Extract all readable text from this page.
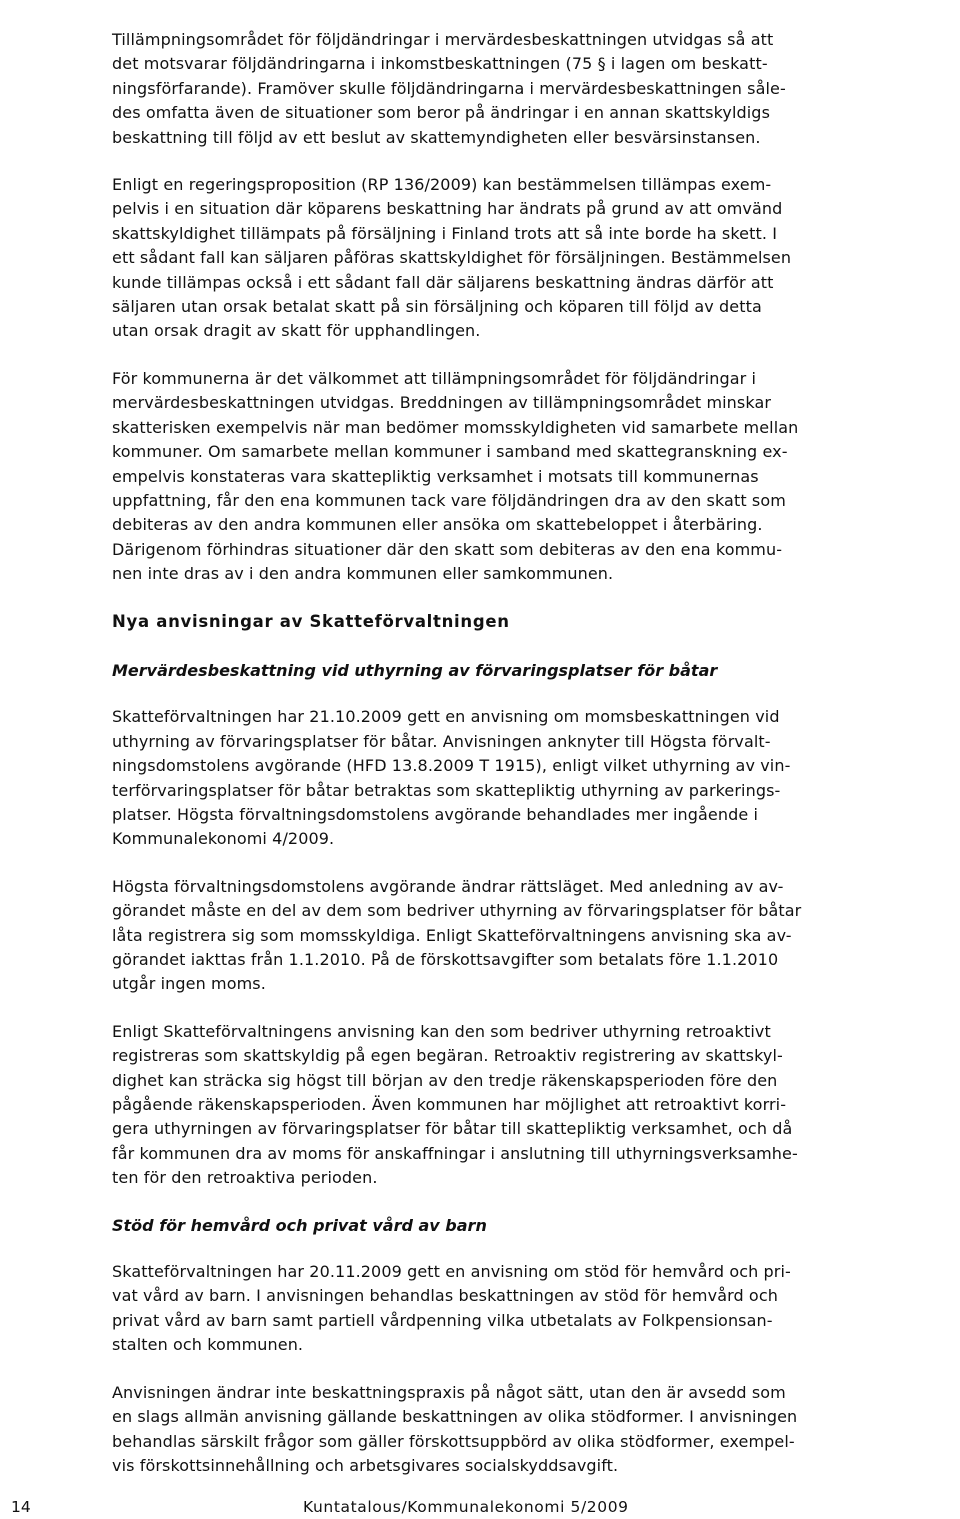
Tillämpningsområdet för följdändringar i mervärdesbeskattningen utvidgas så att
det motsvarar följdändringarna i inkomstbeskattningen (75 § i lagen om beskatt-
ningsförfarande). Framöver skulle följdändringarna i mervärdesbeskattningen såle-
des omfatta även de situationer som beror på ändringar i en annan skattskyldigs
beskattning till följd av ett beslut av skattemyndigheten eller besvärsinstansen.

Enligt en regeringsproposition (RP 136/2009) kan bestämmelsen tillämpas exem-
pelvis i en situation där köparens beskattning har ändrats på grund av att omvänd
skattskyldighet tillämpats på försäljning i Finland trots att så inte borde ha skett. I
ett sådant fall kan säljaren påföras skattskyldighet för försäljningen. Bestämmelsen
kunde tillämpas också i ett sådant fall där säljarens beskattning ändras därför att
säljaren utan orsak betalat skatt på sin försäljning och köparen till följd av detta
utan orsak dragit av skatt för upphandlingen.

För kommunerna är det välkommet att tillämpningsområdet för följdändringar i
mervärdesbeskattningen utvidgas. Breddningen av tillämpningsområdet minskar
skatterisken exempelvis när man bedömer momsskyldigheten vid samarbete mellan
kommuner. Om samarbete mellan kommuner i samband med skattegranskning ex-
empelvis konstateras vara skattepliktig verksamhet i motsats till kommunernas
uppfattning, får den ena kommunen tack vare följdändringen dra av den skatt som
debiteras av den andra kommunen eller ansöka om skattebeloppet i återbäring.
Därigenom förhindras situationer där den skatt som debiteras av den ena kommu-
nen inte dras av i den andra kommunen eller samkommunen.

Nya anvisningar av Skatteförvaltningen
Mervärdesbeskattning vid uthyrning av förvaringsplatser för båtar

Skatteförvaltningen har 21.10.2009 gett en anvisning om momsbeskattningen vid
uthyrning av förvaringsplatser för båtar. Anvisningen anknyter till Högsta förvalt-
ningsdomstolens avgörande (HFD 13.8.2009 T 1915), enligt vilket uthyrning av vin-
terförvaringsplatser för båtar betraktas som skattepliktig uthyrning av parkerings-
platser. Högsta förvaltningsdomstolens avgörande behandlades mer ingående i
Kommunalekonomi 4/2009.

Högsta förvaltningsdomstolens avgörande ändrar rättsläget. Med anledning av av-
görandet måste en del av dem som bedriver uthyrning av förvaringsplatser för båtar
låta registrera sig som momsskyldiga. Enligt Skatteförvaltningens anvisning ska av-
görandet iakttas från 1.1.2010. På de förskottsavgifter som betalats före 1.1.2010
utgår ingen moms.

Enligt Skatteförvaltningens anvisning kan den som bedriver uthyrning retroaktivt
registreras som skattskyldig på egen begäran. Retroaktiv registrering av skattskyl-
dighet kan sträcka sig högst till början av den tredje räkenskapsperioden före den
pågående räkenskapsperioden. Även kommunen har möjlighet att retroaktivt korri-
gera uthyrningen av förvaringsplatser för båtar till skattepliktig verksamhet, och då
får kommunen dra av moms för anskaffningar i anslutning till uthyrningsverksamhe-
ten för den retroaktiva perioden.

Stöd för hemvård och privat vård av barn

Skatteförvaltningen har 20.11.2009 gett en anvisning om stöd för hemvård och pri-
vat vård av barn. I anvisningen behandlas beskattningen av stöd för hemvård och
privat vård av barn samt partiell vårdpenning vilka utbetalats av Folkpensionsan-
stalten och kommunen.

Anvisningen ändrar inte beskattningspraxis på något sätt, utan den är avsedd som
en slags allmän anvisning gällande beskattningen av olika stödformer. I anvisningen
behandlas särskilt frågor som gäller förskottsuppbörd av olika stödformer, exempel-
vis förskottsinnehållning och arbetsgivares socialskyddsavgift.

14	Kuntatalous/Kommunalekonomi 5/2009
